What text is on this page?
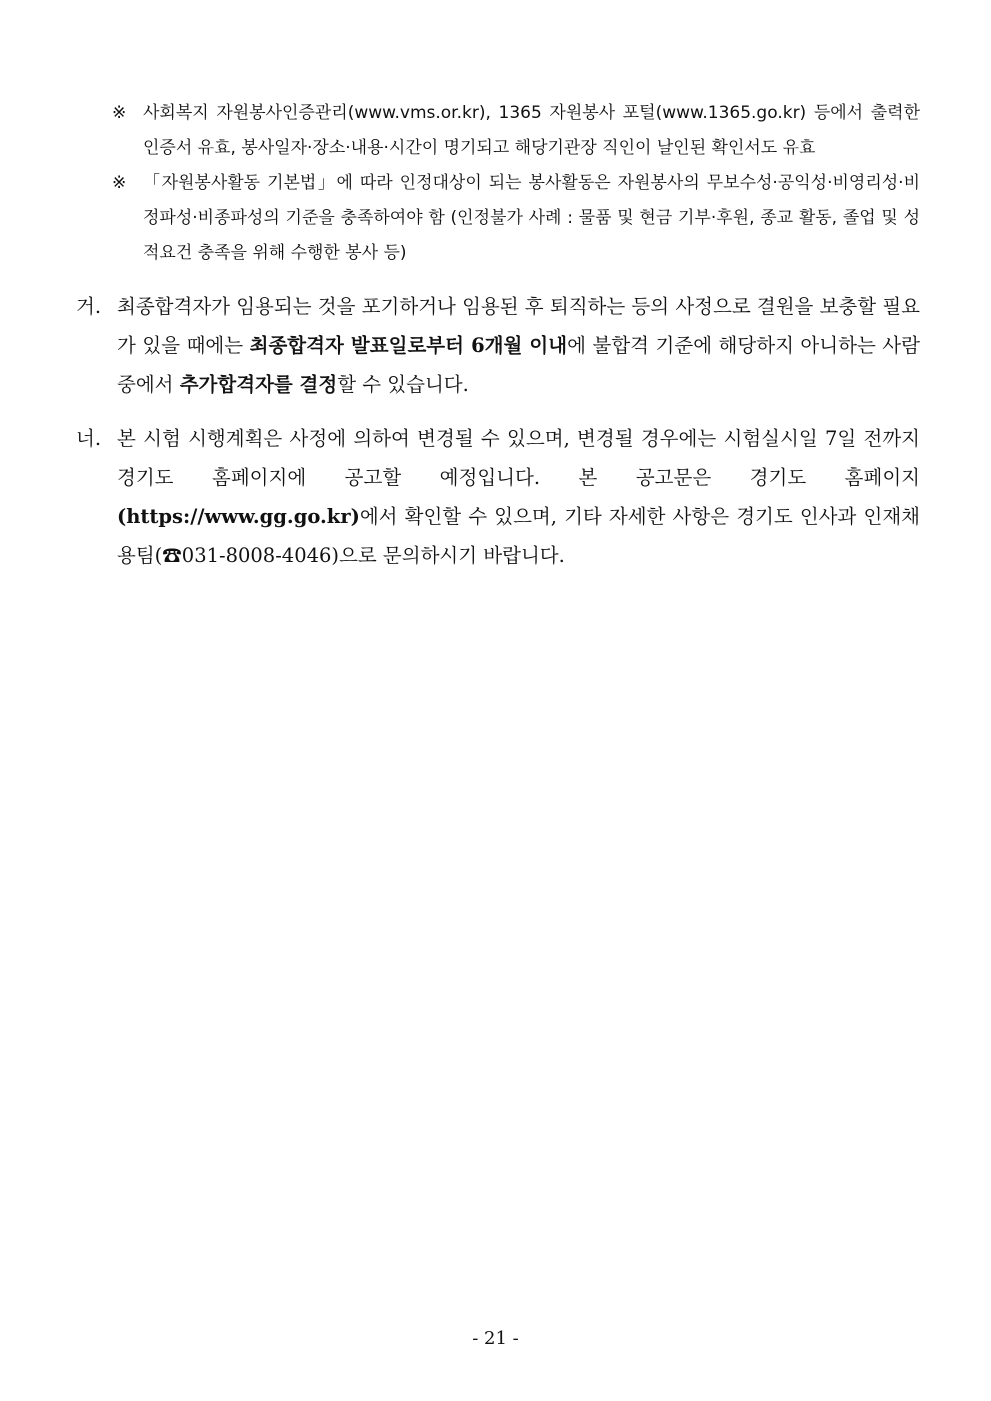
※ 사회복지 자원봉사인증관리(www.vms.or.kr), 1365 자원봉사 포털(www.1365.go.kr) 등에서 출력한 인증서 유효, 봉사일자·장소·내용·시간이 명기되고 해당기관장 직인이 날인된 확인서도 유효
※ 「자원봉사활동 기본법」에 따라 인정대상이 되는 봉사활동은 자원봉사의 무보수성·공익성·비영리성·비정파성·비종파성의 기준을 충족하여야 함 (인정불가 사례 : 물품 및 현금 기부·후원, 종교 활동, 졸업 및 성적요건 충족을 위해 수행한 봉사 등)
거. 최종합격자가 임용되는 것을 포기하거나 임용된 후 퇴직하는 등의 사정으로 결원을 보충할 필요가 있을 때에는 최종합격자 발표일로부터 6개월 이내에 불합격 기준에 해당하지 아니하는 사람 중에서 추가합격자를 결정할 수 있습니다.
너. 본 시험 시행계획은 사정에 의하여 변경될 수 있으며, 변경될 경우에는 시험실시일 7일 전까지 경기도 홈페이지에 공고할 예정입니다. 본 공고문은 경기도 홈페이지 (https://www.gg.go.kr)에서 확인할 수 있으며, 기타 자세한 사항은 경기도 인사과 인재채용팀(☎031-8008-4046)으로 문의하시기 바랍니다.
- 21 -
